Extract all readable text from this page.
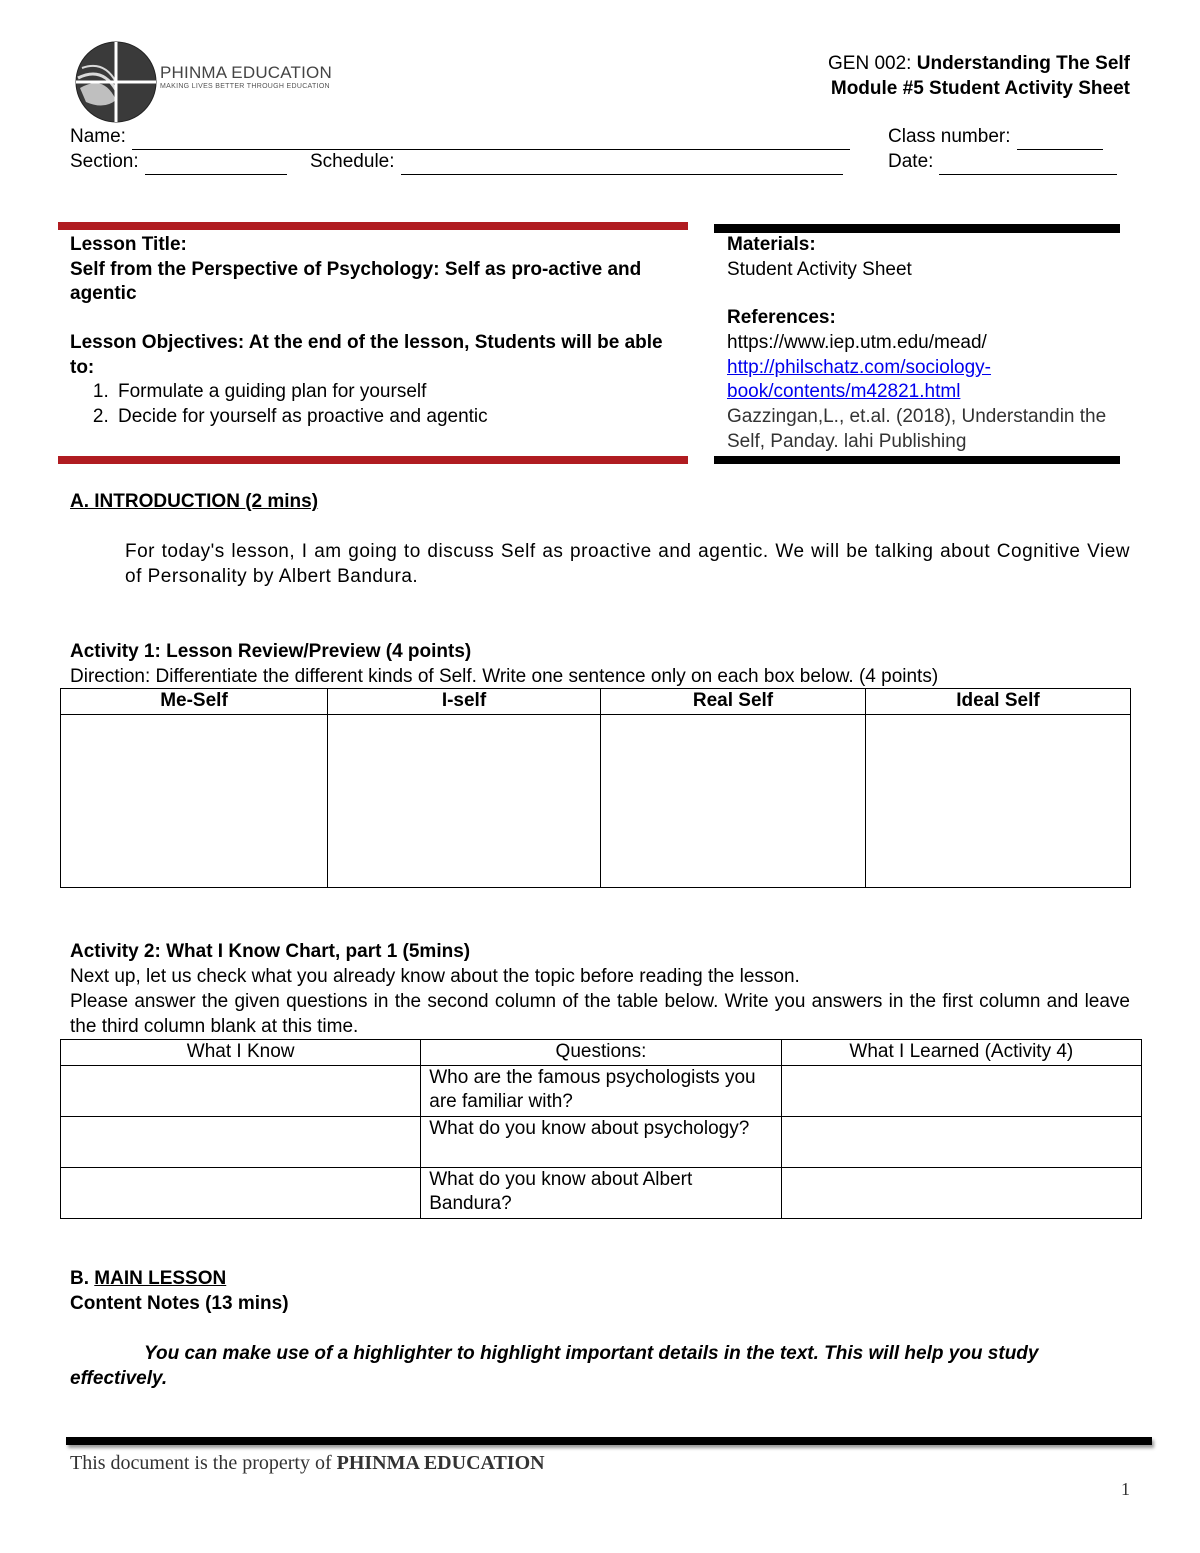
PHINMA EDUCATION
MAKING LIVES BETTER THROUGH EDUCATION
GEN 002: Understanding The Self
Module #5 Student Activity Sheet
Name:	Class number:
Section:	Schedule:	Date:

Lesson Title:

Self from the Perspective of Psychology: Self as pro-active and agentic

Lesson Objectives: At the end of the lesson, Students will be able to:

1. Formulate a guiding plan for yourself
2. Decide for yourself as proactive and agentic

Materials:

Student Activity Sheet

References:

https://www.iep.utm.edu/mead/

http://philschatz.com/sociology-book/contents/m42821.html

Gazzingan,L., et.al. (2018), Understandin the Self, Panday. lahi Publishing

A. INTRODUCTION (2 mins)
For today's lesson, I am going to discuss Self as proactive and agentic. We will be talking about Cognitive View of Personality by Albert Bandura.
Activity 1: Lesson Review/Preview (4 points)
Direction: Differentiate the different kinds of Self. Write one sentence only on each box below. (4 points)
Me-Self	I-self	Real Self	Ideal Self

Activity 2: What I Know Chart, part 1 (5mins)
Next up, let us check what you already know about the topic before reading the lesson.
Please answer the given questions in the second column of the table below. Write you answers in the first column and leave the third column blank at this time.
What I Know	Questions:	What I Learned (Activity 4)
	Who are the famous psychologists you are familiar with?	
	What do you know about psychology?	
	What do you know about Albert Bandura?	
B. MAIN LESSON
Content Notes (13 mins)
You can make use of a highlighter to highlight important details in the text. This will help you study effectively.
This document is the property of PHINMA EDUCATION
1
